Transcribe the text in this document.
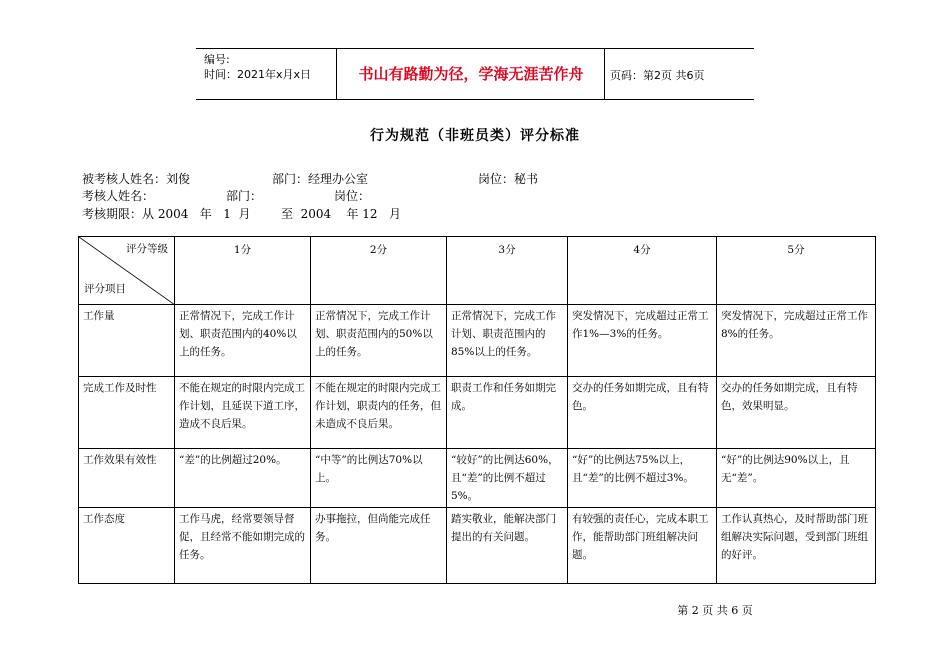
编号:
时间：2021年x月x日	书山有路勤为径，学海无涯苦作舟	页码：第2页 共6页
行为规范（非班员类）评分标准
被考核人姓名：刘俊	部门：经理办公室	岗位：秘书
考核人姓名：	部门：	岗位：
考核期限：从 2004   年   1  月        至  2004    年 12   月
评分等级
评分项目	1分	2分	3分	4分	5分
工作量	正常情况下，完成工作计划、职责范围内的40%以上的任务。	正常情况下，完成工作计划、职责范围内的50%以上的任务。	正常情况下，完成工作计划、职责范围内的85%以上的任务。	突发情况下，完成超过正常工作1%—3%的任务。	突发情况下，完成超过正常工作8%的任务。
完成工作及时性	不能在规定的时限内完成工作计划，且延误下道工序，造成不良后果。	不能在规定的时限内完成工作计划，职责内的任务，但未造成不良后果。	职责工作和任务如期完成。	交办的任务如期完成，且有特色。	交办的任务如期完成，且有特色，效果明显。
工作效果有效性	“差”的比例超过20%。	“中等”的比例达70%以上。	“较好”的比例达60%，且“差”的比例不超过5%。	“好”的比例达75%以上，且“差”的比例不超过3%。	“好”的比例达90%以上，且无“差”。
工作态度	工作马虎，经常要领导督促，且经常不能如期完成的任务。	办事拖拉，但尚能完成任务。	踏实敬业，能解决部门提出的有关问题。	有较强的责任心，完成本职工作，能帮助部门班组解决问题。	工作认真热心，及时帮助部门班组解决实际问题，受到部门班组的好评。
第 2 页 共 6 页
